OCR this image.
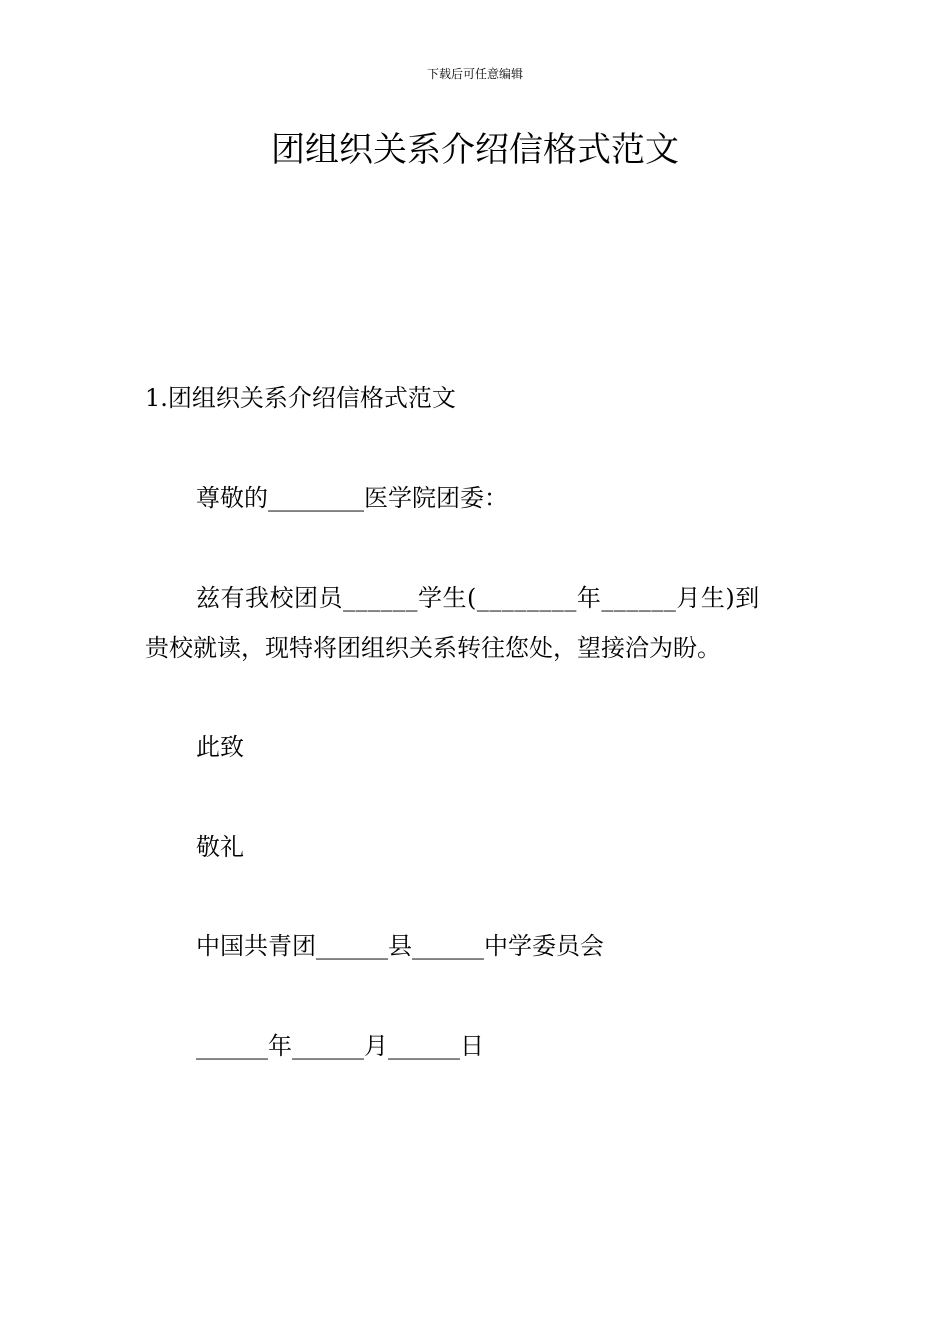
下载后可任意编辑
团组织关系介绍信格式范文

1.团组织关系介绍信格式范文

尊敬的________医学院团委：

兹有我校团员______学生(________年______月生)到

贵校就读，现特将团组织关系转往您处，望接洽为盼。

此致

敬礼

中国共青团______县______中学委员会

______年______月______日
